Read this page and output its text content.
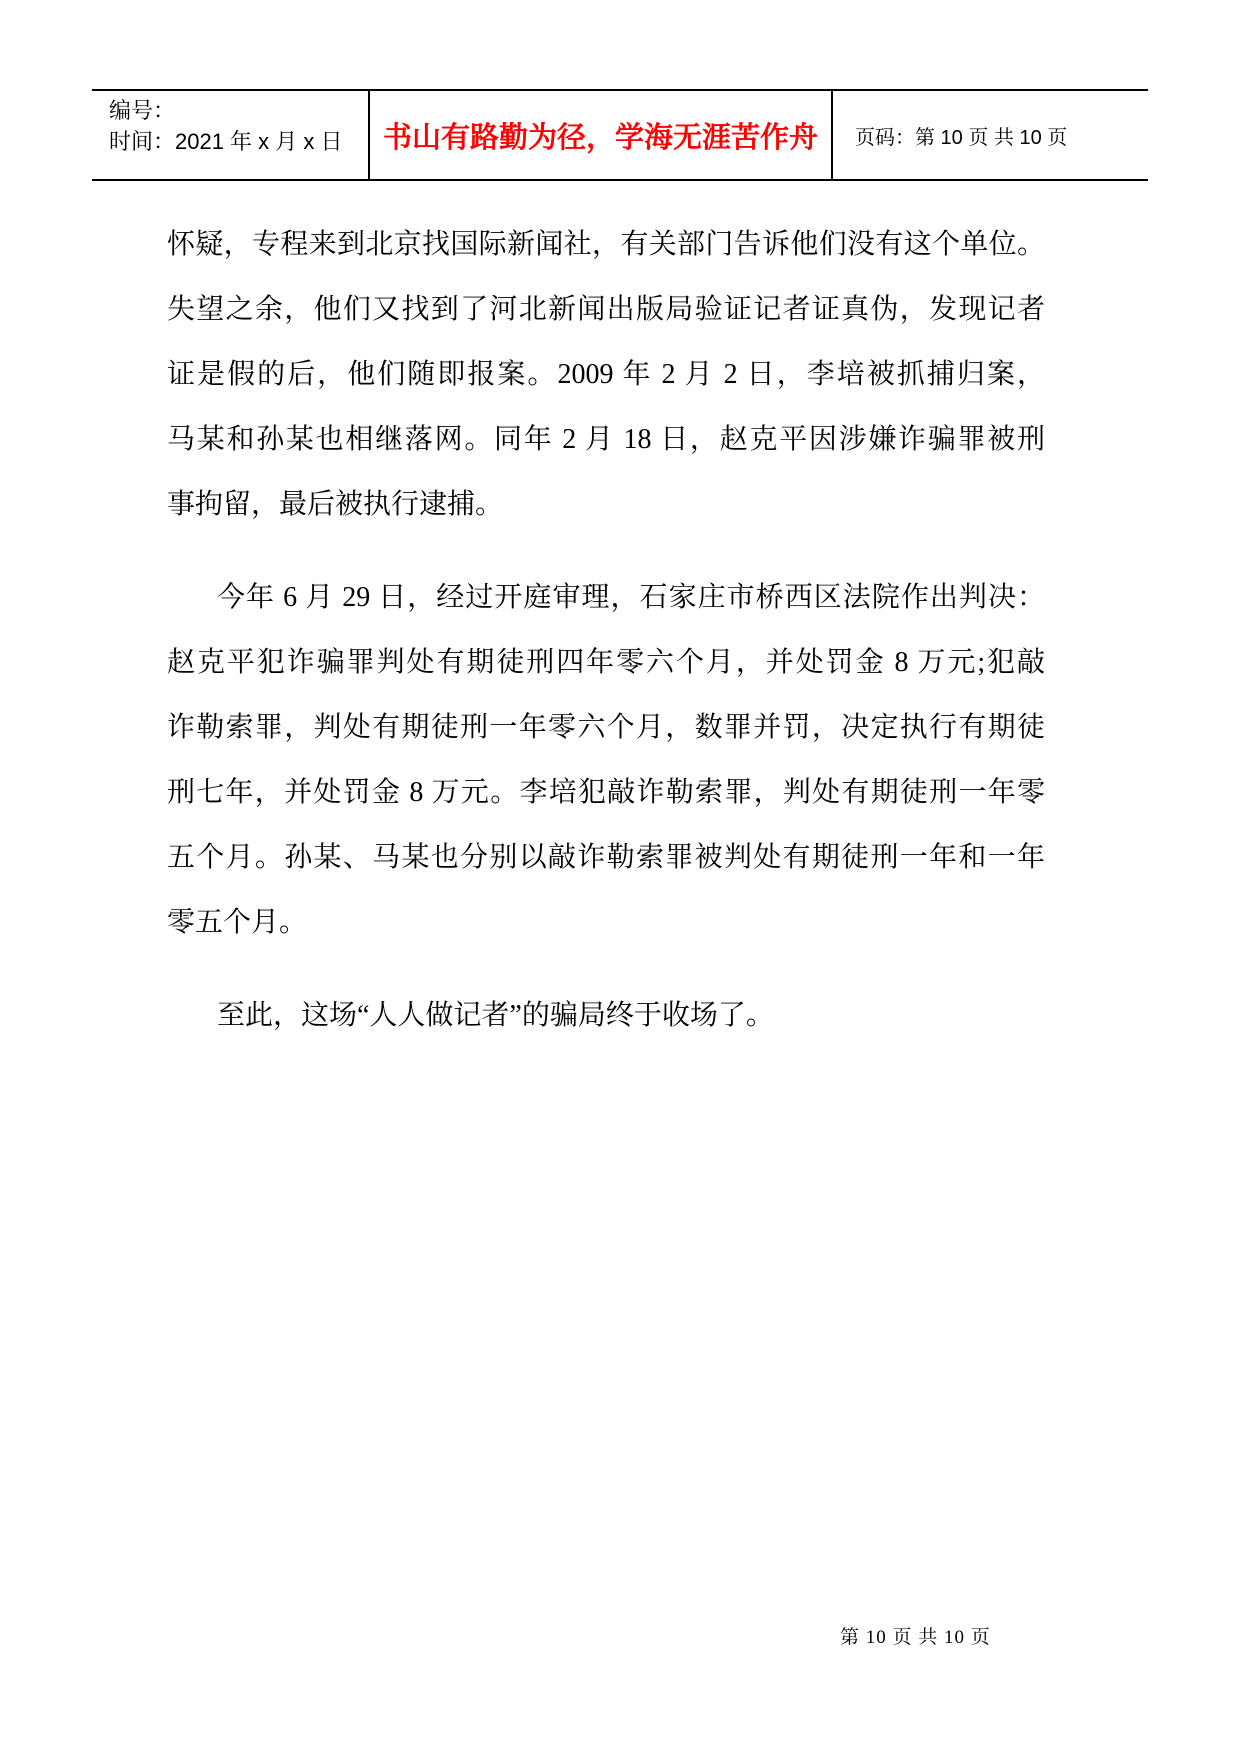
编号：
时间：2021 年 x 月 x 日	书山有路勤为径，学海无涯苦作舟 页码：第 10 页 共 10 页

怀疑，专程来到北京找国际新闻社，有关部门告诉他们没有这个单位。
失望之余，他们又找到了河北新闻出版局验证记者证真伪，发现记者
证是假的后，他们随即报案。2009 年 2 月 2 日，李培被抓捕归案，
马某和孙某也相继落网。同年 2 月 18 日，赵克平因涉嫌诈骗罪被刑
事拘留，最后被执行逮捕。

今年 6 月 29 日，经过开庭审理，石家庄市桥西区法院作出判决：
赵克平犯诈骗罪判处有期徒刑四年零六个月，并处罚金 8 万元;犯敲
诈勒索罪，判处有期徒刑一年零六个月，数罪并罚，决定执行有期徒
刑七年，并处罚金 8 万元。李培犯敲诈勒索罪，判处有期徒刑一年零
五个月。孙某、马某也分别以敲诈勒索罪被判处有期徒刑一年和一年
零五个月。

至此，这场“人人做记者”的骗局终于收场了。

第 10 页 共 10 页
